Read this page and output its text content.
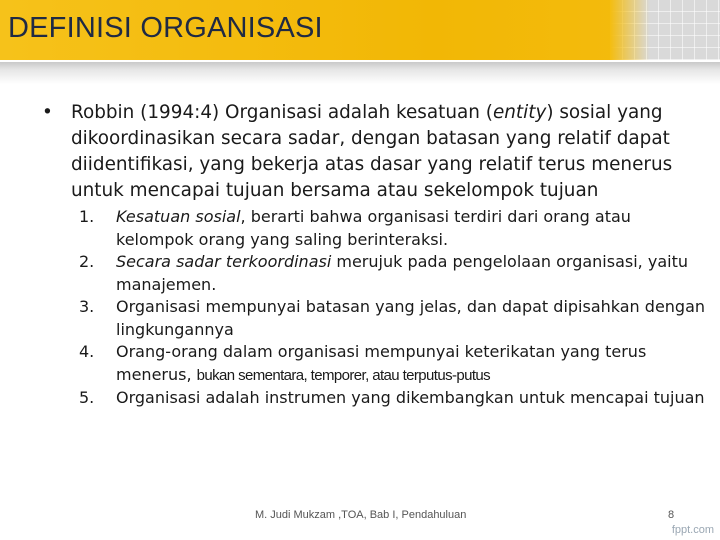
DEFINISI ORGANISASI
• Robbin (1994:4) Organisasi adalah kesatuan (entity) sosial yang dikoordinasikan secara sadar, dengan batasan yang relatif dapat diidentifikasi, yang bekerja atas dasar yang relatif terus menerus untuk mencapai tujuan bersama atau sekelompok tujuan
1. Kesatuan sosial, berarti bahwa organisasi terdiri dari orang atau kelompok orang yang saling berinteraksi.
2. Secara sadar terkoordinasi merujuk pada pengelolaan organisasi, yaitu manajemen.
3. Organisasi mempunyai batasan yang jelas, dan dapat dipisahkan dengan lingkungannya
4. Orang-orang dalam organisasi mempunyai keterikatan yang terus menerus, bukan sementara, temporer, atau terputus-putus
5. Organisasi adalah instrumen yang dikembangkan untuk mencapai tujuan
M. Judi Mukzam ,TOA, Bab I, Pendahuluan	8
fppt.com
